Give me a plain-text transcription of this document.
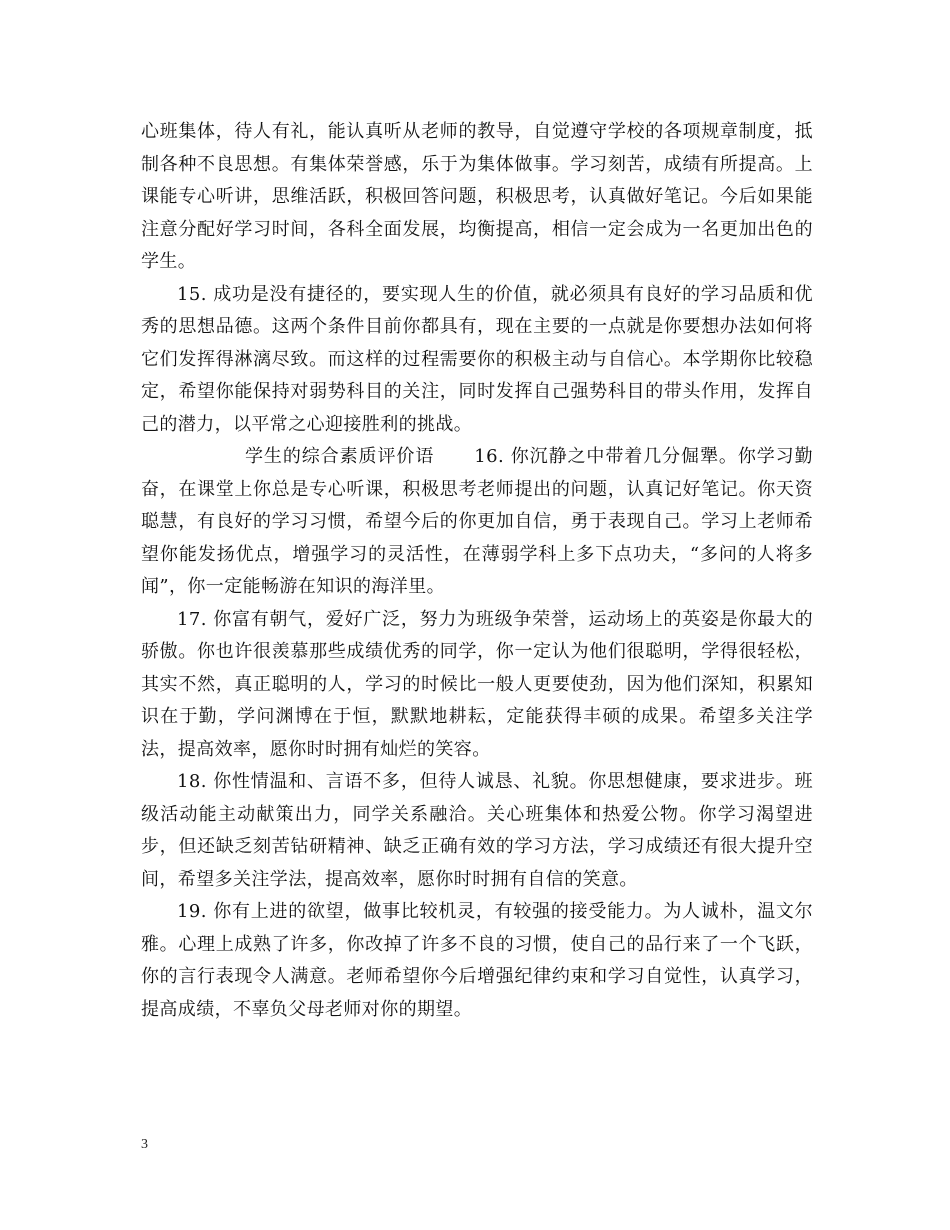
心班集体，待人有礼，能认真听从老师的教导，自觉遵守学校的各项规章制度，抵制各种不良思想。有集体荣誉感，乐于为集体做事。学习刻苦，成绩有所提高。上课能专心听讲，思维活跃，积极回答问题，积极思考，认真做好笔记。今后如果能注意分配好学习时间，各科全面发展，均衡提高，相信一定会成为一名更加出色的学生。

15. 成功是没有捷径的，要实现人生的价值，就必须具有良好的学习品质和优秀的思想品德。这两个条件目前你都具有，现在主要的一点就是你要想办法如何将它们发挥得淋漓尽致。而这样的过程需要你的积极主动与自信心。本学期你比较稳定，希望你能保持对弱势科目的关注，同时发挥自己强势科目的带头作用，发挥自己的潜力，以平常之心迎接胜利的挑战。

学生的综合素质评价语 16. 你沉静之中带着几分倔犟。你学习勤奋，在课堂上你总是专心听课，积极思考老师提出的问题，认真记好笔记。你天资聪慧，有良好的学习习惯，希望今后的你更加自信，勇于表现自己。学习上老师希望你能发扬优点，增强学习的灵活性，在薄弱学科上多下点功夫，“多问的人将多闻”，你一定能畅游在知识的海洋里。

17. 你富有朝气，爱好广泛，努力为班级争荣誉，运动场上的英姿是你最大的骄傲。你也许很羡慕那些成绩优秀的同学，你一定认为他们很聪明，学得很轻松，其实不然，真正聪明的人，学习的时候比一般人更要使劲，因为他们深知，积累知识在于勤，学问渊博在于恒，默默地耕耘，定能获得丰硕的成果。希望多关注学法，提高效率，愿你时时拥有灿烂的笑容。

18. 你性情温和、言语不多，但待人诚恳、礼貌。你思想健康，要求进步。班级活动能主动献策出力，同学关系融洽。关心班集体和热爱公物。你学习渴望进步，但还缺乏刻苦钻研精神、缺乏正确有效的学习方法，学习成绩还有很大提升空间，希望多关注学法，提高效率，愿你时时拥有自信的笑意。

19. 你有上进的欲望，做事比较机灵，有较强的接受能力。为人诚朴，温文尔雅。心理上成熟了许多，你改掉了许多不良的习惯，使自己的品行来了一个飞跃，你的言行表现令人满意。老师希望你今后增强纪律约束和学习自觉性，认真学习，提高成绩，不辜负父母老师对你的期望。

3
